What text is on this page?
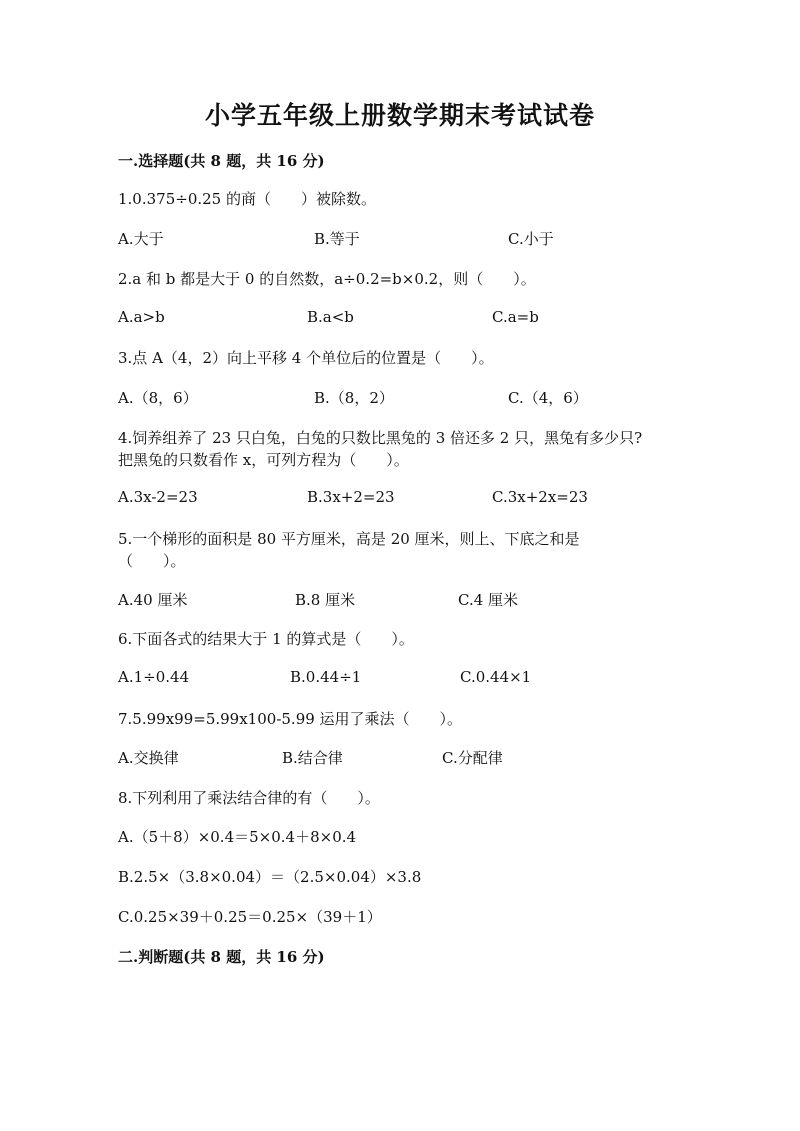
小学五年级上册数学期末考试试卷
一.选择题(共 8 题，共 16 分)
1.0.375÷0.25 的商（　　）被除数。
A.大于	B.等于	C.小于
2.a 和 b 都是大于 0 的自然数，a÷0.2=b×0.2，则（　　）。
A.a>b	B.a<b	C.a=b
3.点 A（4，2）向上平移 4 个单位后的位置是（　　）。
A.（8，6）	B.（8，2）	C.（4，6）
4.饲养组养了 23 只白兔，白兔的只数比黑兔的 3 倍还多 2 只，黑兔有多少只?
把黑兔的只数看作 x，可列方程为（　　）。
A.3x-2=23	B.3x+2=23	C.3x+2x=23
5.一个梯形的面积是 80 平方厘米，高是 20 厘米，则上、下底之和是
（　　）。
A.40 厘米	B.8 厘米	C.4 厘米
6.下面各式的结果大于 1 的算式是（　　）。
A.1÷0.44	B.0.44÷1	C.0.44×1
7.5.99x99=5.99x100-5.99 运用了乘法（　　）。
A.交换律	B.结合律	C.分配律
8.下列利用了乘法结合律的有（　　）。
A.（5＋8）×0.4＝5×0.4＋8×0.4
B.2.5×（3.8×0.04）＝（2.5×0.04）×3.8
C.0.25×39＋0.25＝0.25×（39＋1）
二.判断题(共 8 题，共 16 分)
